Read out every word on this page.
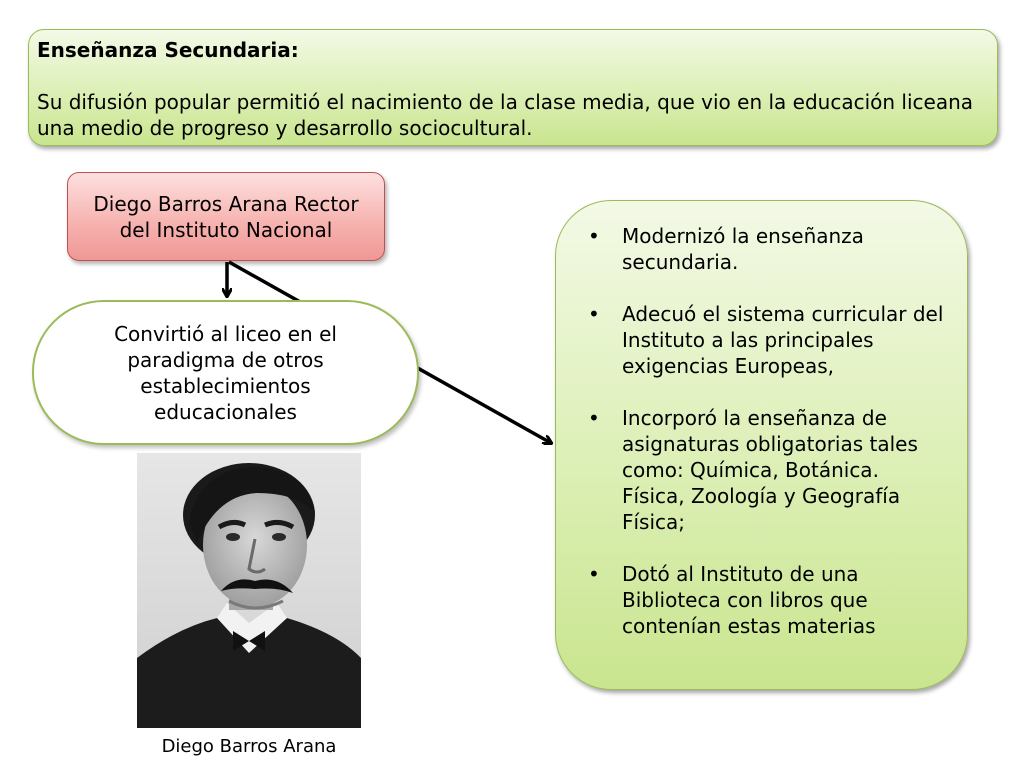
Enseñanza Secundaria:

Su difusión popular permitió el nacimiento de la clase media, que vio en la educación liceana una medio de progreso y desarrollo sociocultural.

Diego Barros Arana Rector del Instituto Nacional
Convirtió al liceo en el paradigma de otros establecimientos educacionales
• Modernizó la enseñanza secundaria.
• Adecuó el sistema curricular del Instituto a las principales exigencias Europeas,
• Incorporó la enseñanza de asignaturas obligatorias tales como: Química, Botánica. Física, Zoología y Geografía Física;
• Dotó al Instituto de una Biblioteca con libros que contenían estas materias
Diego Barros Arana
